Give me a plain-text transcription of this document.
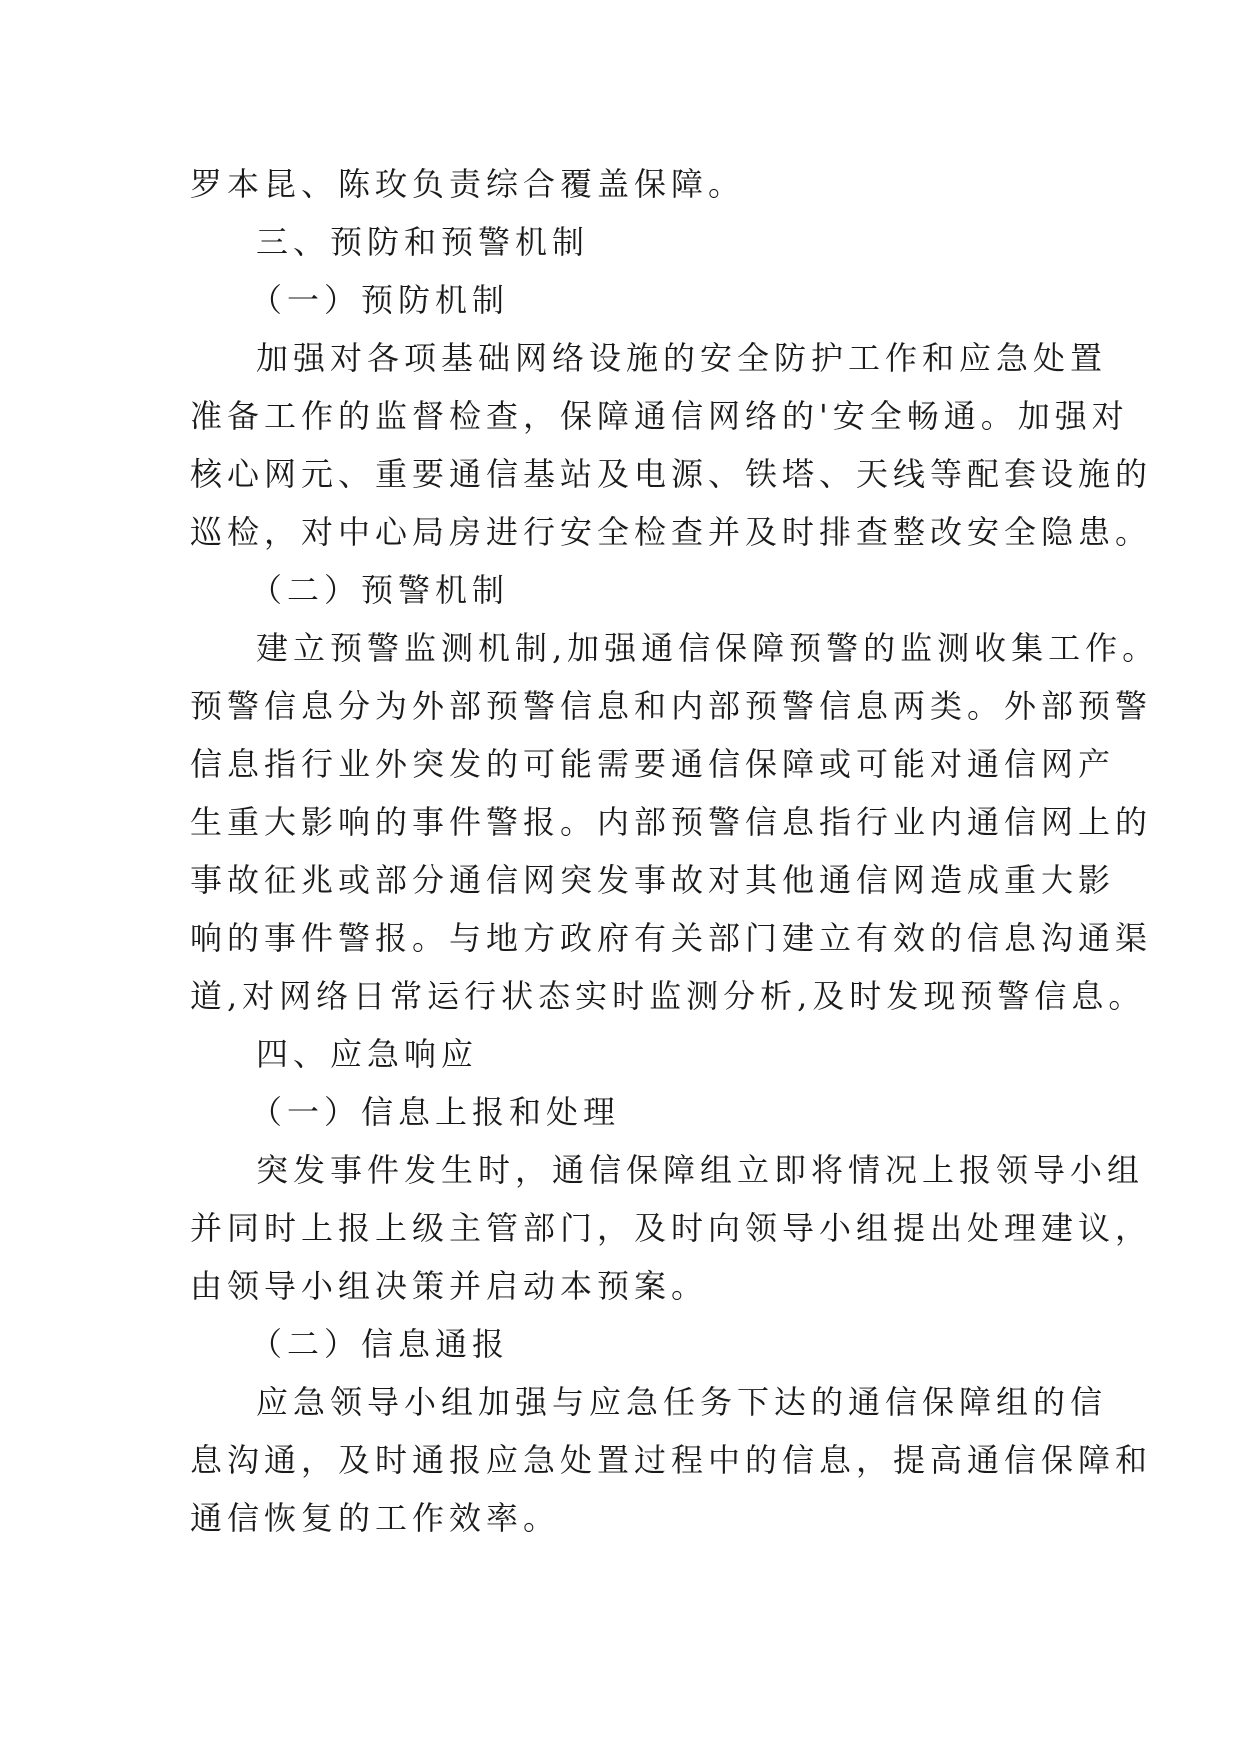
罗本昆、陈玫负责综合覆盖保障。
三、预防和预警机制
（一）预防机制
加强对各项基础网络设施的安全防护工作和应急处置
准备工作的监督检查，保障通信网络的'安全畅通。加强对
核心网元、重要通信基站及电源、铁塔、天线等配套设施的
巡检，对中心局房进行安全检查并及时排查整改安全隐患。
（二）预警机制
建立预警监测机制,加强通信保障预警的监测收集工作。
预警信息分为外部预警信息和内部预警信息两类。外部预警
信息指行业外突发的可能需要通信保障或可能对通信网产
生重大影响的事件警报。内部预警信息指行业内通信网上的
事故征兆或部分通信网突发事故对其他通信网造成重大影
响的事件警报。与地方政府有关部门建立有效的信息沟通渠
道,对网络日常运行状态实时监测分析,及时发现预警信息。
四、应急响应
（一）信息上报和处理
突发事件发生时，通信保障组立即将情况上报领导小组
并同时上报上级主管部门，及时向领导小组提出处理建议，
由领导小组决策并启动本预案。
（二）信息通报
应急领导小组加强与应急任务下达的通信保障组的信
息沟通，及时通报应急处置过程中的信息，提高通信保障和
通信恢复的工作效率。
